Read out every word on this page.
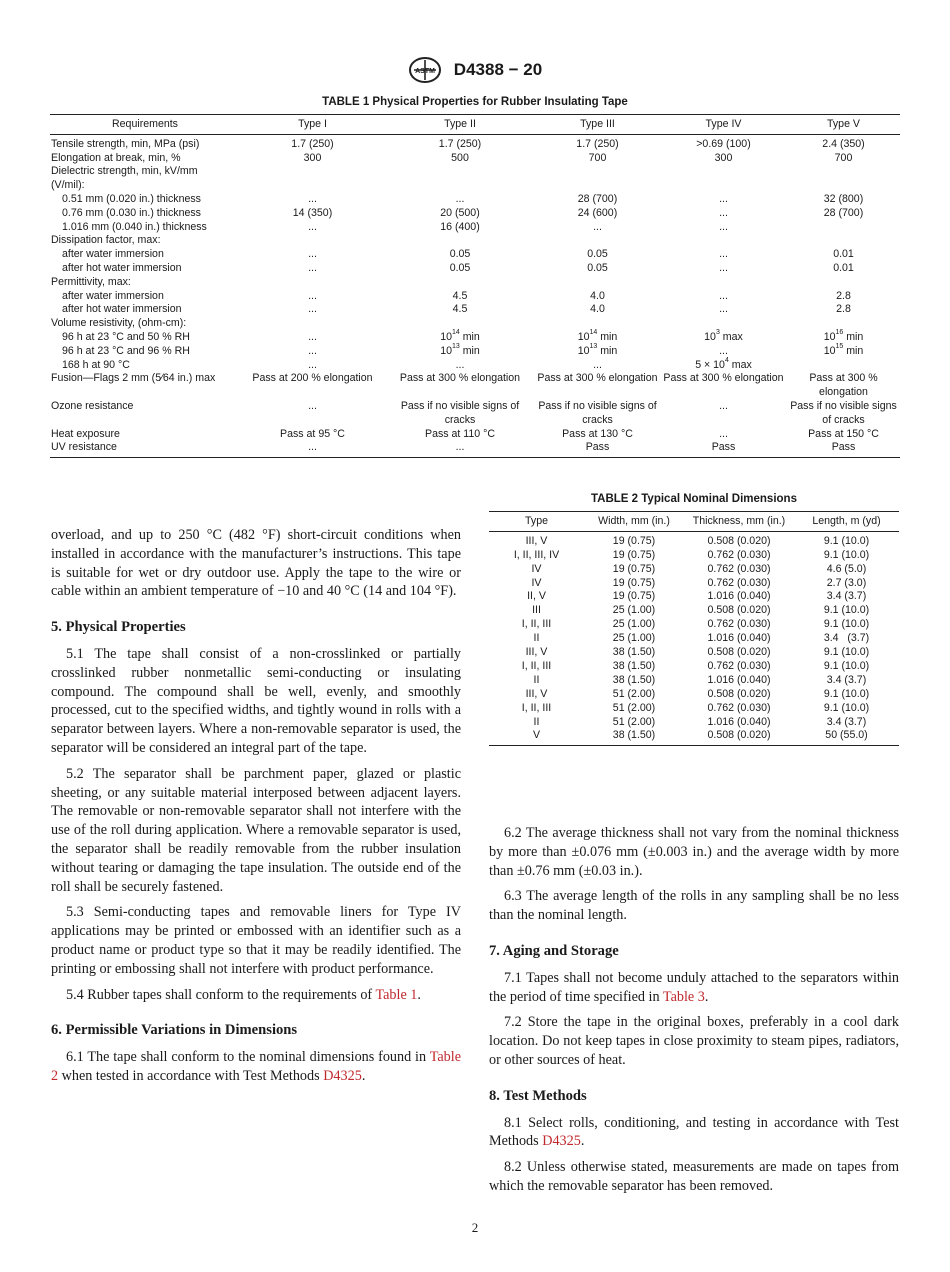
ASTM D4388 − 20
TABLE 1 Physical Properties for Rubber Insulating Tape
Requirements	Type I	Type II	Type III	Type IV	Type V
Tensile strength, min, MPa (psi)	1.7 (250)	1.7 (250)	1.7 (250)	>0.69 (100)	2.4 (350)
Elongation at break, min, %	300	500	700	300	700
Dielectric strength, min, kV/mm					
(V/mil):					
0.51 mm (0.020 in.) thickness	...	...	28 (700)	...	32 (800)
0.76 mm (0.030 in.) thickness	14 (350)	20 (500)	24 (600)	...	28 (700)
1.016 mm (0.040 in.) thickness	...	16 (400)	...	...	
Dissipation factor, max:					
after water immersion	...	0.05	0.05	...	0.01
after hot water immersion	...	0.05	0.05	...	0.01
Permittivity, max:					
after water immersion	...	4.5	4.0	...	2.8
after hot water immersion	...	4.5	4.0	...	2.8
Volume resistivity, (ohm-cm):					
96 h at 23 °C and 50 % RH	...	$10^{14}$ min	$10^{14}$ min	$10^3$ max	$10^{16}$ min
96 h at 23 °C and 96 % RH	...	$10^{13}$ min	$10^{13}$ min	...	$10^{15}$ min
168 h at 90 °C	...	...	...	$5 \times 10^4$ max	
Fusion—Flags 2 mm (5⁄64 in.) max	Pass at 200 % elongation	Pass at 300 % elongation	Pass at 300 % elongation	Pass at 300 % elongation	Pass at 300 % elongation
Ozone resistance	...	Pass if no visible signs of cracks	Pass if no visible signs of cracks	...	Pass if no visible signs of cracks
Heat exposure	Pass at 95 °C	Pass at 110 °C	Pass at 130 °C	...	Pass at 150 °C
UV resistance	...	...	Pass	Pass	Pass
TABLE 2 Typical Nominal Dimensions
Type	Width, mm (in.)	Thickness, mm (in.)	Length, m (yd)
III, V	19 (0.75)	0.508 (0.020)	9.1 (10.0)
I, II, III, IV	19 (0.75)	0.762 (0.030)	9.1 (10.0)
IV	19 (0.75)	0.762 (0.030)	4.6 (5.0)
IV	19 (0.75)	0.762 (0.030)	2.7 (3.0)
II, V	19 (0.75)	1.016 (0.040)	3.4 (3.7)
III	25 (1.00)	0.508 (0.020)	9.1 (10.0)
I, II, III	25 (1.00)	0.762 (0.030)	9.1 (10.0)
II	25 (1.00)	1.016 (0.040)	3.4   (3.7)
III, V	38 (1.50)	0.508 (0.020)	9.1 (10.0)
I, II, III	38 (1.50)	0.762 (0.030)	9.1 (10.0)
II	38 (1.50)	1.016 (0.040)	3.4 (3.7)
III, V	51 (2.00)	0.508 (0.020)	9.1 (10.0)
I, II, III	51 (2.00)	0.762 (0.030)	9.1 (10.0)
II	51 (2.00)	1.016 (0.040)	3.4 (3.7)
V	38 (1.50)	0.508 (0.020)	50 (55.0)

overload, and up to 250 °C (482 °F) short-circuit conditions when installed in accordance with the manufacturer’s instructions. This tape is suitable for wet or dry outdoor use. Apply the tape to the wire or cable within an ambient temperature of −10 and 40 °C (14 and 104 °F).

5. Physical Properties

5.1 The tape shall consist of a non-crosslinked or partially crosslinked rubber nonmetallic semi-conducting or insulating compound. The compound shall be well, evenly, and smoothly processed, cut to the specified widths, and tightly wound in rolls with a separator between layers. Where a non-removable separator is used, the separator will be considered an integral part of the tape.

5.2 The separator shall be parchment paper, glazed or plastic sheeting, or any suitable material interposed between adjacent layers. The removable or non-removable separator shall not interfere with the use of the roll during application. Where a removable separator is used, the separator shall be readily removable from the rubber insulation without tearing or damaging the tape insulation. The outside end of the roll shall be securely fastened.

5.3 Semi-conducting tapes and removable liners for Type IV applications may be printed or embossed with an identifier such as a product name or product type so that it may be readily identified. The printing or embossing shall not interfere with product performance.

5.4 Rubber tapes shall conform to the requirements of Table 1.

6. Permissible Variations in Dimensions

6.1 The tape shall conform to the nominal dimensions found in Table 2 when tested in accordance with Test Methods D4325.

6.2 The average thickness shall not vary from the nominal thickness by more than ±0.076 mm (±0.003 in.) and the average width by more than ±0.76 mm (±0.03 in.).

6.3 The average length of the rolls in any sampling shall be no less than the nominal length.

7. Aging and Storage

7.1 Tapes shall not become unduly attached to the separators within the period of time specified in Table 3.

7.2 Store the tape in the original boxes, preferably in a cool dark location. Do not keep tapes in close proximity to steam pipes, radiators, or other sources of heat.

8. Test Methods

8.1 Select rolls, conditioning, and testing in accordance with Test Methods D4325.

8.2 Unless otherwise stated, measurements are made on tapes from which the removable separator has been removed.

2
